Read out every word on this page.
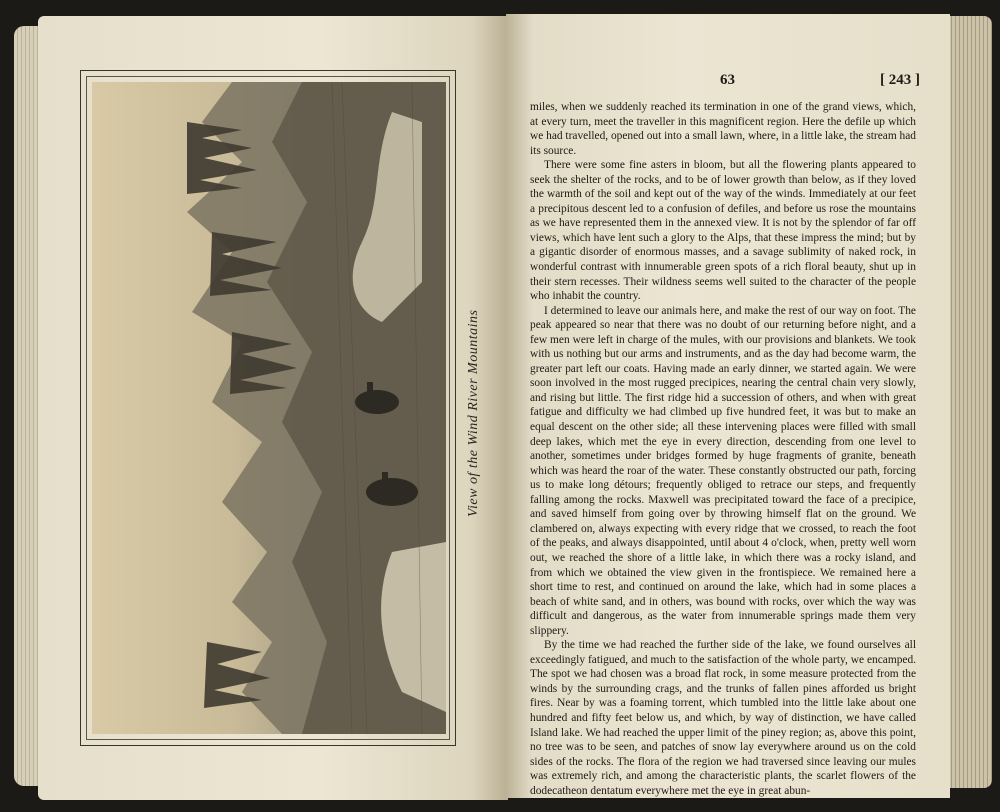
View of the Wind River Mountains
63	[ 243 ]

miles, when we suddenly reached its termination in one of the grand views, which, at every turn, meet the traveller in this magnificent region. Here the defile up which we had travelled, opened out into a small lawn, where, in a little lake, the stream had its source.

There were some fine asters in bloom, but all the flowering plants appeared to seek the shelter of the rocks, and to be of lower growth than below, as if they loved the warmth of the soil and kept out of the way of the winds. Immediately at our feet a precipitous descent led to a confusion of defiles, and before us rose the mountains as we have represented them in the annexed view. It is not by the splendor of far off views, which have lent such a glory to the Alps, that these impress the mind; but by a gigantic disorder of enormous masses, and a savage sublimity of naked rock, in wonderful contrast with innumerable green spots of a rich floral beauty, shut up in their stern recesses. Their wildness seems well suited to the character of the people who inhabit the country.

I determined to leave our animals here, and make the rest of our way on foot. The peak appeared so near that there was no doubt of our returning before night, and a few men were left in charge of the mules, with our provisions and blankets. We took with us nothing but our arms and instruments, and as the day had become warm, the greater part left our coats. Having made an early dinner, we started again. We were soon involved in the most rugged precipices, nearing the central chain very slowly, and rising but little. The first ridge hid a succession of others, and when with great fatigue and difficulty we had climbed up five hundred feet, it was but to make an equal descent on the other side; all these intervening places were filled with small deep lakes, which met the eye in every direction, descending from one level to another, sometimes under bridges formed by huge fragments of granite, beneath which was heard the roar of the water. These constantly obstructed our path, forcing us to make long détours; frequently obliged to retrace our steps, and frequently falling among the rocks. Maxwell was precipitated toward the face of a precipice, and saved himself from going over by throwing himself flat on the ground. We clambered on, always expecting with every ridge that we crossed, to reach the foot of the peaks, and always disappointed, until about 4 o'clock, when, pretty well worn out, we reached the shore of a little lake, in which there was a rocky island, and from which we obtained the view given in the frontispiece. We remained here a short time to rest, and continued on around the lake, which had in some places a beach of white sand, and in others, was bound with rocks, over which the way was difficult and dangerous, as the water from innumerable springs made them very slippery.

By the time we had reached the further side of the lake, we found ourselves all exceedingly fatigued, and much to the satisfaction of the whole party, we encamped. The spot we had chosen was a broad flat rock, in some measure protected from the winds by the surrounding crags, and the trunks of fallen pines afforded us bright fires. Near by was a foaming torrent, which tumbled into the little lake about one hundred and fifty feet below us, and which, by way of distinction, we have called Island lake. We had reached the upper limit of the piney region; as, above this point, no tree was to be seen, and patches of snow lay everywhere around us on the cold sides of the rocks. The flora of the region we had traversed since leaving our mules was extremely rich, and among the characteristic plants, the scarlet flowers of the dodecatheon dentatum everywhere met the eye in great abun-
